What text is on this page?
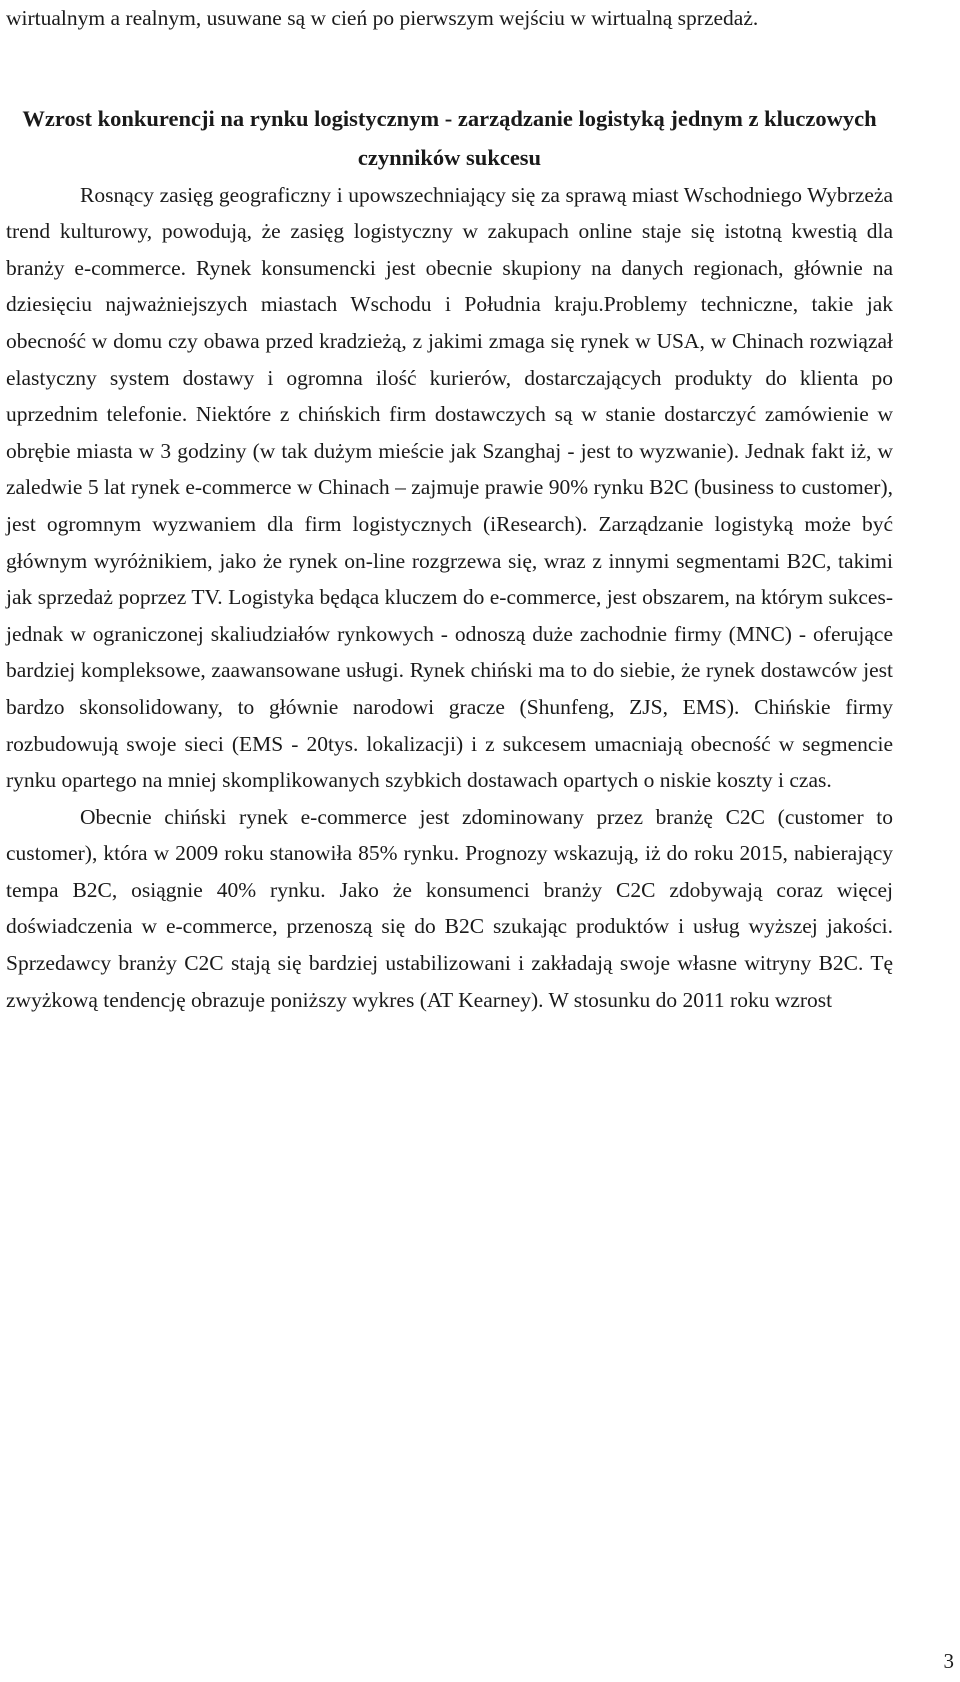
wirtualnym a realnym, usuwane są w cień po pierwszym wejściu w wirtualną sprzedaż.

Wzrost konkurencji na rynku logistycznym - zarządzanie logistyką jednym z kluczowych czynników sukcesu

Rosnący zasięg geograficzny i upowszechniający się za sprawą miast Wschodniego Wybrzeża trend kulturowy, powodują, że zasięg logistyczny w zakupach online staje się istotną kwestią dla branży e-commerce. Rynek konsumencki jest obecnie skupiony na danych regionach, głównie na dziesięciu najważniejszych miastach Wschodu i Południa kraju.Problemy techniczne, takie jak obecność w domu czy obawa przed kradzieżą, z jakimi zmaga się rynek w USA, w Chinach rozwiązał elastyczny system dostawy i ogromna ilość kurierów, dostarczających produkty do klienta po uprzednim telefonie. Niektóre z chińskich firm dostawczych są w stanie dostarczyć zamówienie w obrębie miasta w 3 godziny (w tak dużym mieście jak Szanghaj - jest to wyzwanie). Jednak fakt iż, w zaledwie 5 lat rynek e-commerce w Chinach – zajmuje prawie 90% rynku B2C (business to customer), jest ogromnym wyzwaniem dla firm logistycznych (iResearch). Zarządzanie logistyką może być głównym wyróżnikiem, jako że rynek on-line rozgrzewa się, wraz z innymi segmentami B2C, takimi jak sprzedaż poprzez TV. Logistyka będąca kluczem do e-commerce, jest obszarem, na którym sukces- jednak w ograniczonej skaliudziałów rynkowych - odnoszą duże zachodnie firmy (MNC) - oferujące bardziej kompleksowe, zaawansowane usługi. Rynek chiński ma to do siebie, że rynek dostawców jest bardzo skonsolidowany, to głównie narodowi gracze (Shunfeng, ZJS, EMS). Chińskie firmy rozbudowują swoje sieci (EMS - 20tys. lokalizacji) i z sukcesem umacniają obecność w segmencie rynku opartego na mniej skomplikowanych szybkich dostawach opartych o niskie koszty i czas.

Obecnie chiński rynek e-commerce jest zdominowany przez branżę C2C (customer to customer), która w 2009 roku stanowiła 85% rynku. Prognozy wskazują, iż do roku 2015, nabierający tempa B2C, osiągnie 40% rynku. Jako że konsumenci branży C2C zdobywają coraz więcej doświadczenia w e-commerce, przenoszą się do B2C szukając produktów i usług wyższej jakości. Sprzedawcy branży C2C stają się bardziej ustabilizowani i zakładają swoje własne witryny B2C. Tę zwyżkową tendencję obrazuje poniższy wykres (AT Kearney). W stosunku do 2011 roku wzrost

3
